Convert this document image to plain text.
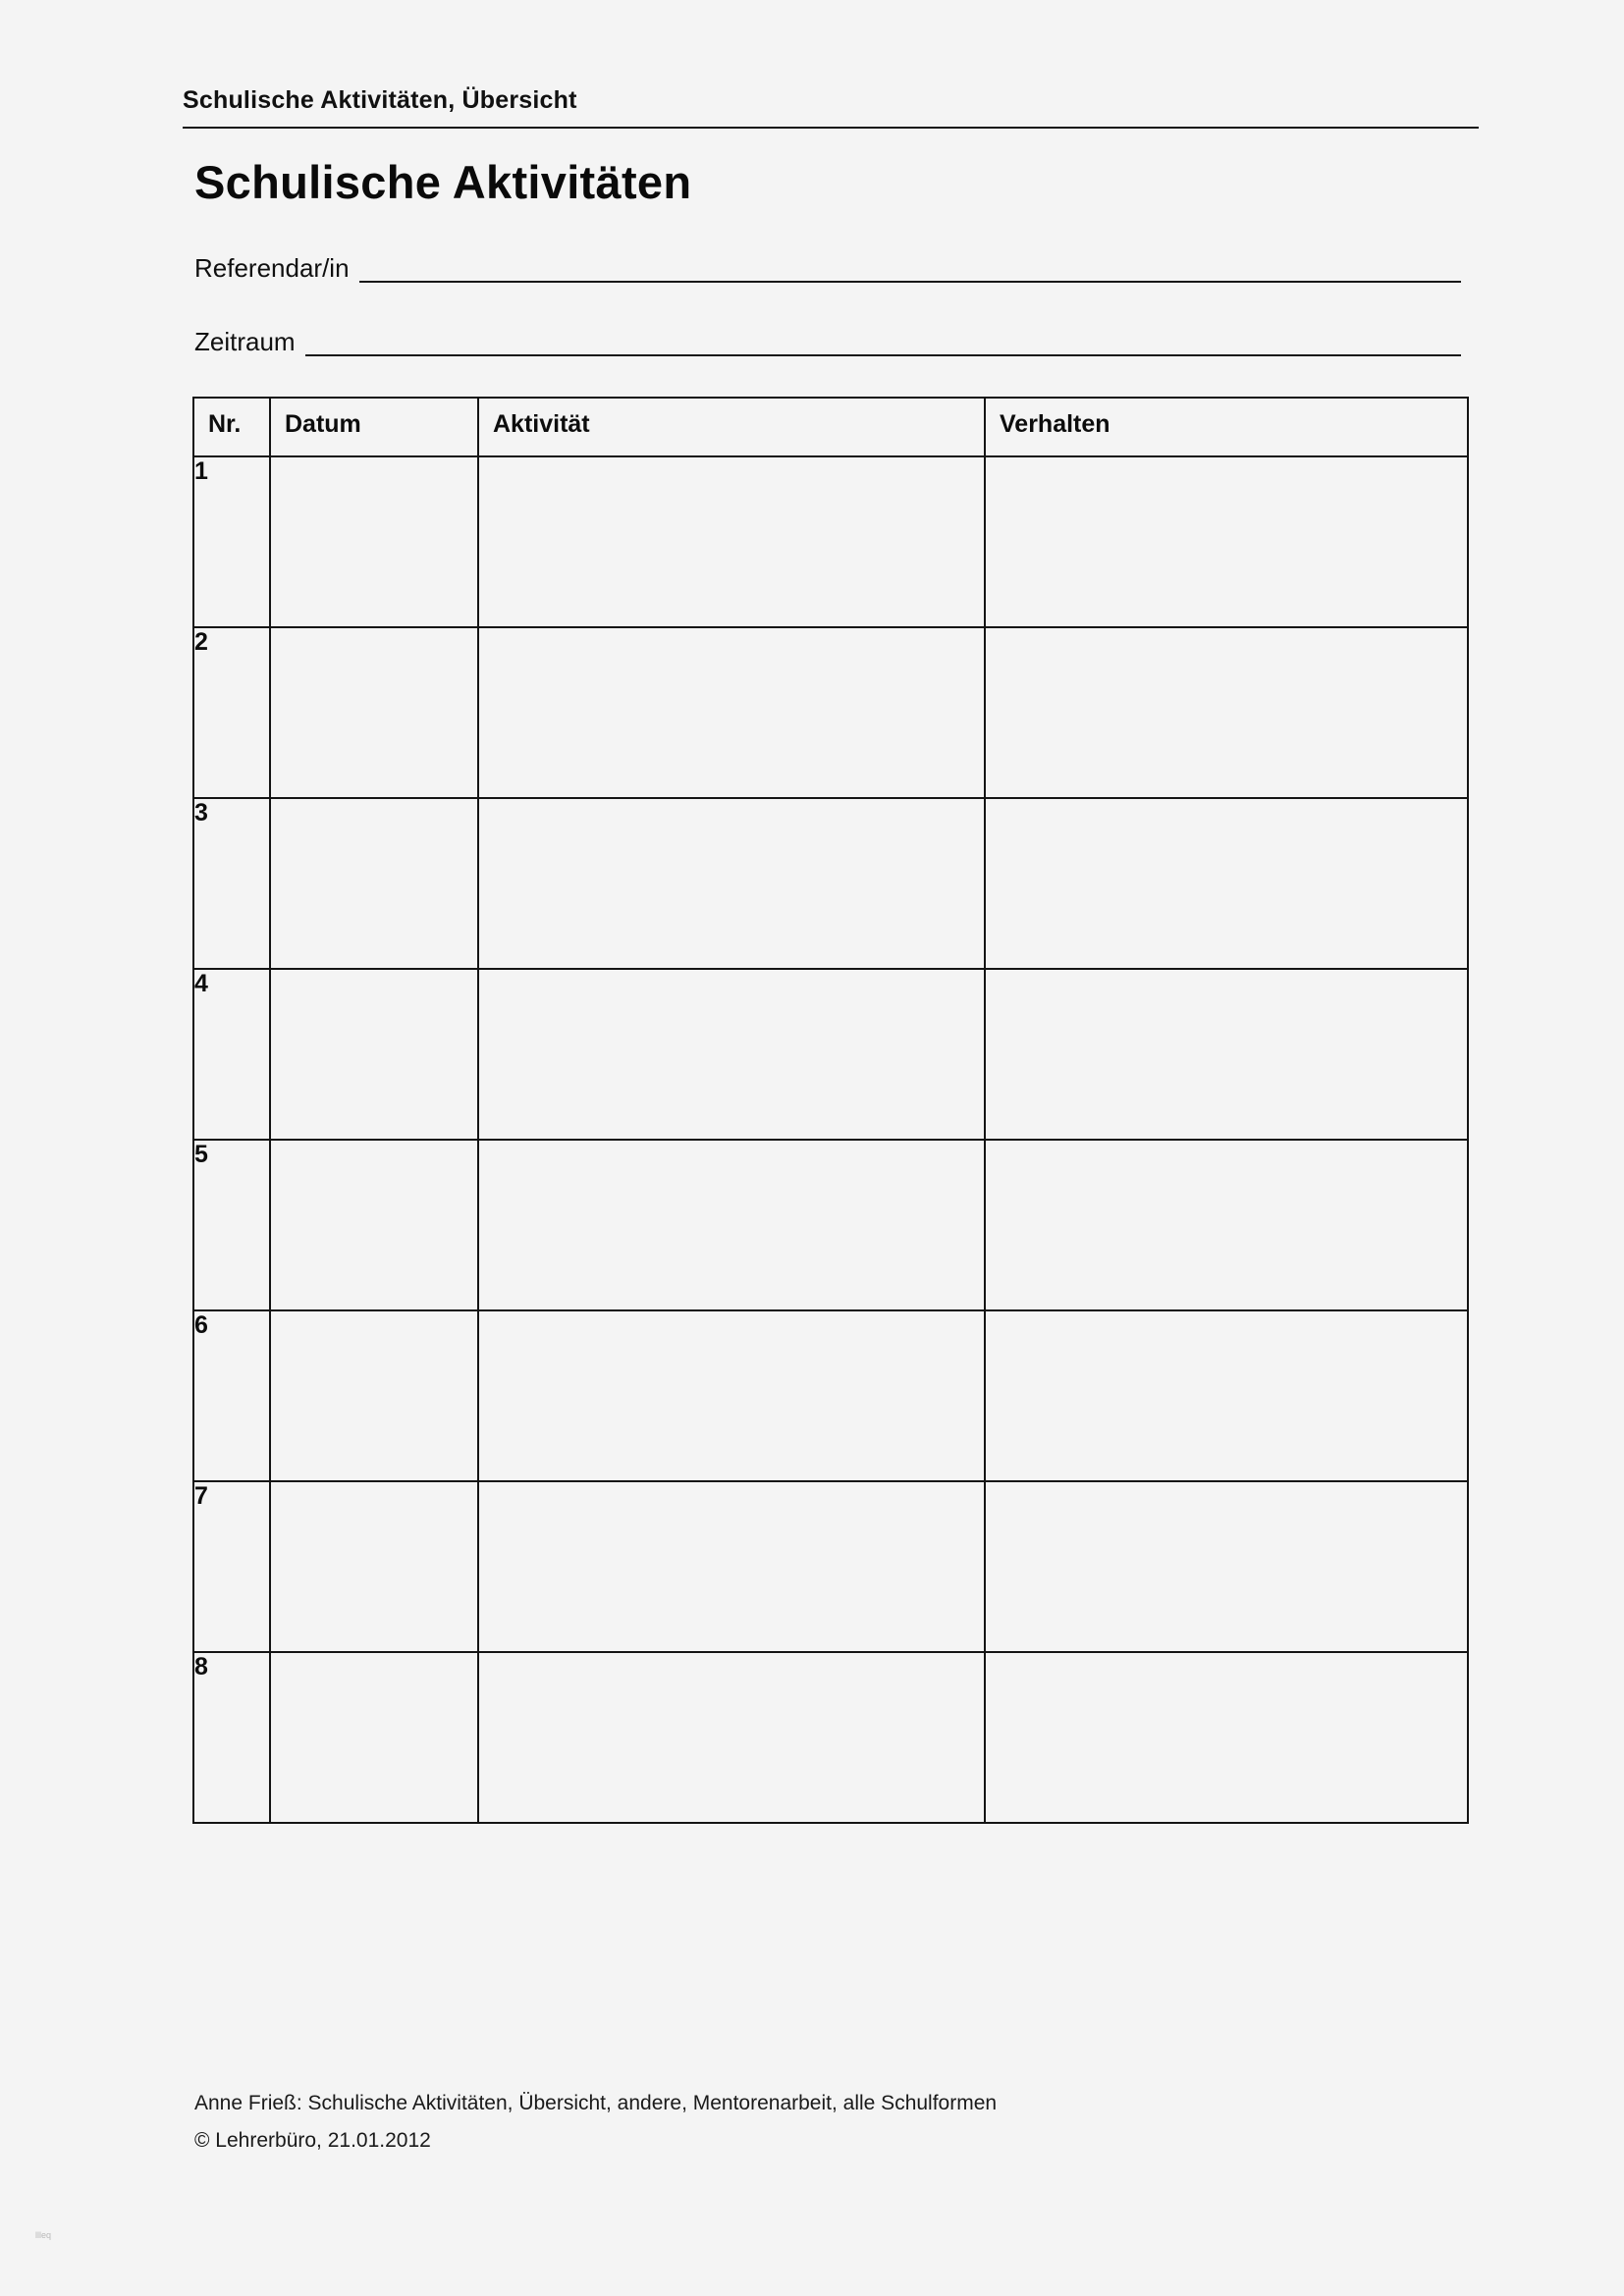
Schulische Aktivitäten, Übersicht
Schulische Aktivitäten
Referendar/in
Zeitraum
Nr.	Datum	Aktivität	Verhalten
1			
2			
3			
4			
5			
6			
7			
8			
Anne Frieß: Schulische Aktivitäten, Übersicht, andere, Mentorenarbeit, alle Schulformen
© Lehrerbüro, 21.01.2012
llleq
